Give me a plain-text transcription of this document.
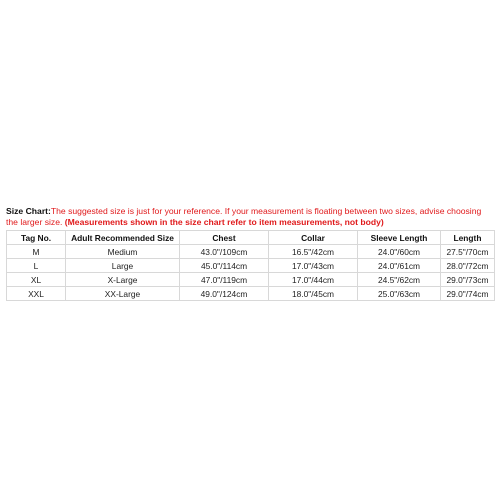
Size Chart:The suggested size is just for your reference. If your measurement is floating between two sizes, advise choosing the larger size. (Measurements shown in the size chart refer to item measurements, not body)

Tag No.	Adult Recommended Size	Chest	Collar	Sleeve Length	Length
M	Medium	43.0"/109cm	16.5"/42cm	24.0"/60cm	27.5"/70cm
L	Large	45.0"/114cm	17.0"/43cm	24.0"/61cm	28.0"/72cm
XL	X-Large	47.0"/119cm	17.0"/44cm	24.5"/62cm	29.0"/73cm
XXL	XX-Large	49.0"/124cm	18.0"/45cm	25.0"/63cm	29.0"/74cm
